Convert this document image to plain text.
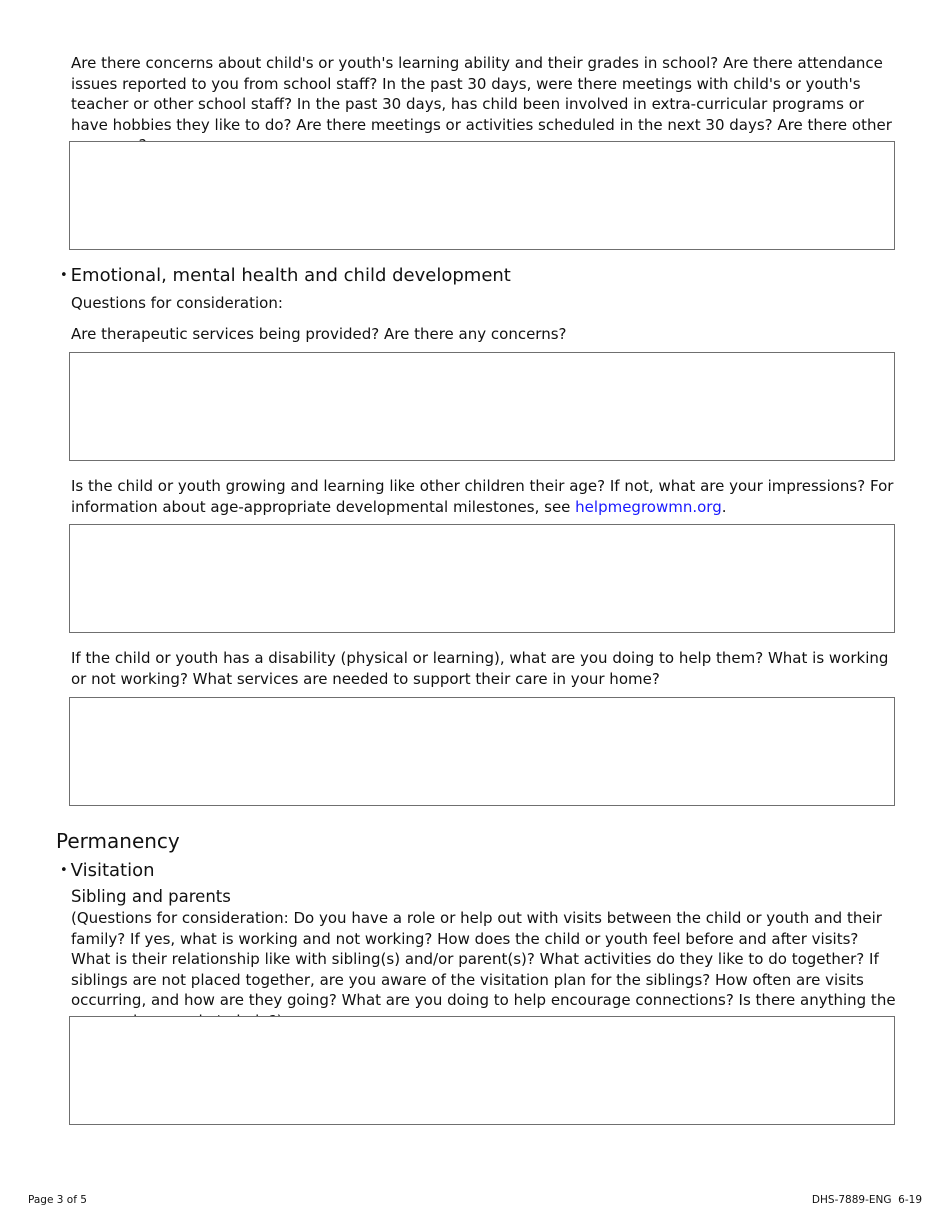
Are there concerns about child's or youth's learning ability and their grades in school? Are there attendance issues reported to you from school staff? In the past 30 days, were there meetings with child's or youth's teacher or other school staff? In the past 30 days, has child been involved in extra-curricular programs or have hobbies they like to do? Are there meetings or activities scheduled in the next 30 days? Are there other

• Emotional, mental health and child development

Questions for consideration:

Are therapeutic services being provided? Are there any concerns?

Is the child or youth growing and learning like other children their age? If not, what are your impressions? For information about age-appropriate developmental milestones, see helpmegrowmn.org.

If the child or youth has a disability (physical or learning), what are you doing to help them? What is working or not working? What services are needed to support their care in your home?

Permanency

• Visitation

Sibling and parents

(Questions for consideration: Do you have a role or help out with visits between the child or youth and their family? If yes, what is working and not working? How does the child or youth feel before and after visits? What is their relationship like with sibling(s) and/or parent(s)? What activities do they like to do together? If siblings are not placed together, are you aware of the visitation plan for the siblings? How often are visits occurring, and how are they going? What are you doing to help encourage connections? Is there anything the

Page 3 of 5	DHS-7889-ENG  6-19
